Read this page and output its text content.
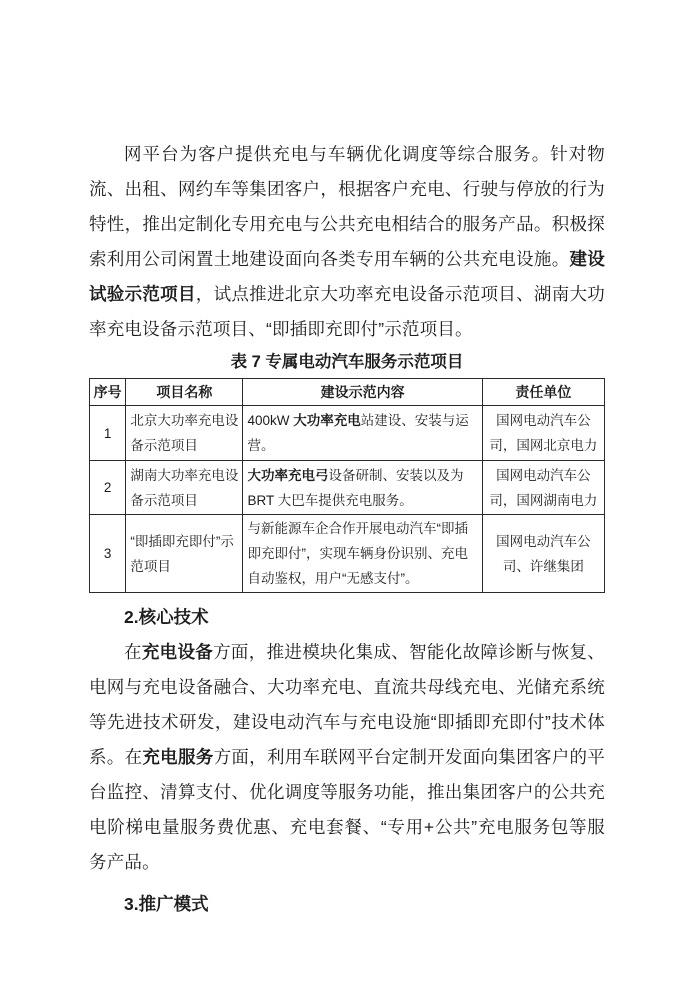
网平台为客户提供充电与车辆优化调度等综合服务。针对物流、出租、网约车等集团客户，根据客户充电、行驶与停放的行为特性，推出定制化专用充电与公共充电相结合的服务产品。积极探索利用公司闲置土地建设面向各类专用车辆的公共充电设施。建设试验示范项目，试点推进北京大功率充电设备示范项目、湖南大功率充电设备示范项目、“即插即充即付”示范项目。

表 7 专属电动汽车服务示范项目
序号	项目名称	建设示范内容	责任单位
1	北京大功率充电设备示范项目	400kW 大功率充电站建设、安装与运营。	国网电动汽车公司，国网北京电力
2	湖南大功率充电设备示范项目	大功率充电弓设备研制、安装以及为 BRT 大巴车提供充电服务。	国网电动汽车公司，国网湖南电力
3	“即插即充即付”示范项目	与新能源车企合作开展电动汽车“即插即充即付”，实现车辆身份识别、充电自动鉴权，用户“无感支付”。	国网电动汽车公司、许继集团
2.核心技术

在充电设备方面，推进模块化集成、智能化故障诊断与恢复、电网与充电设备融合、大功率充电、直流共母线充电、光储充系统等先进技术研发，建设电动汽车与充电设施“即插即充即付”技术体系。在充电服务方面，利用车联网平台定制开发面向集团客户的平台监控、清算支付、优化调度等服务功能，推出集团客户的公共充电阶梯电量服务费优惠、充电套餐、“专用+公共”充电服务包等服务产品。

3.推广模式
